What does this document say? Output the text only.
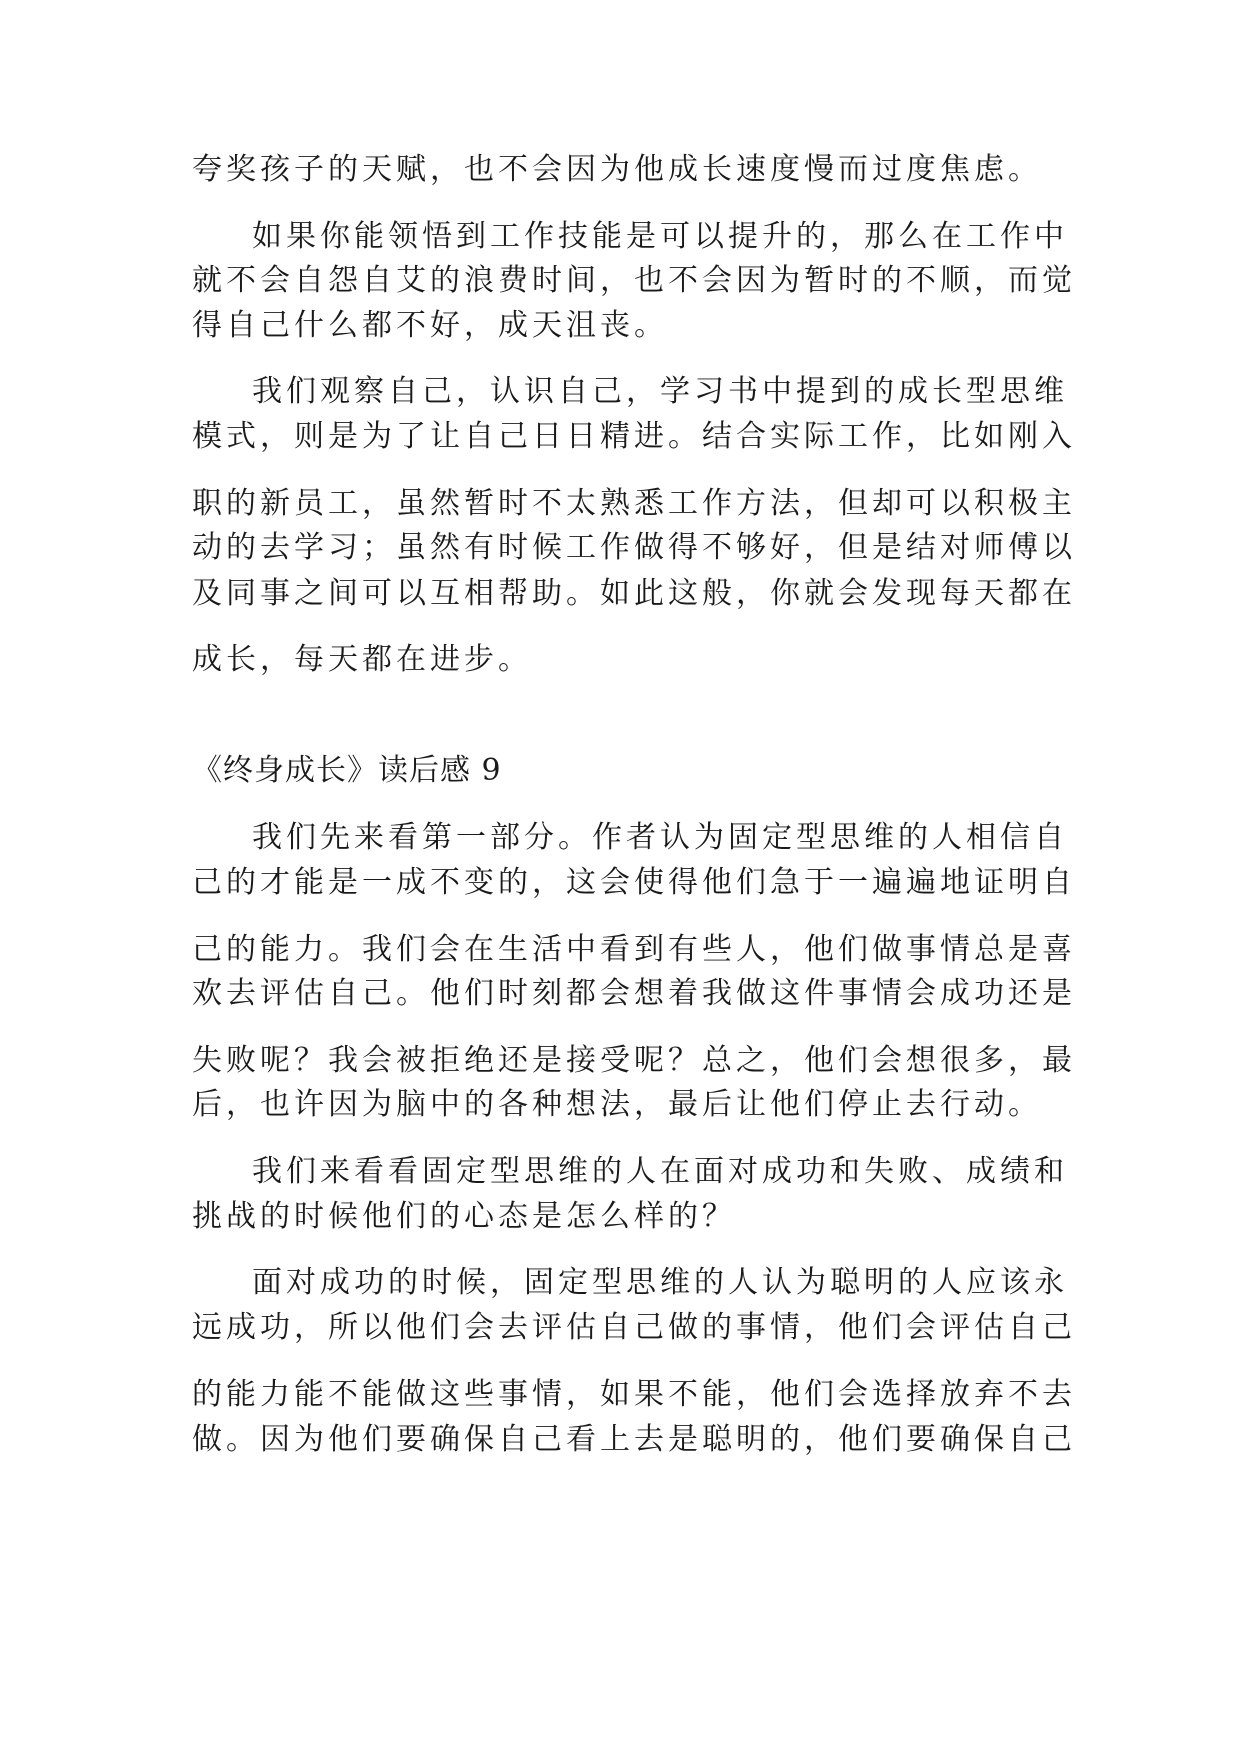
夸奖孩子的天赋，也不会因为他成长速度慢而过度焦虑。
如果你能领悟到工作技能是可以提升的，那么在工作中
就不会自怨自艾的浪费时间，也不会因为暂时的不顺，而觉
得自己什么都不好，成天沮丧。
我们观察自己，认识自己，学习书中提到的成长型思维
模式，则是为了让自己日日精进。结合实际工作，比如刚入
职的新员工，虽然暂时不太熟悉工作方法，但却可以积极主
动的去学习；虽然有时候工作做得不够好，但是结对师傅以
及同事之间可以互相帮助。如此这般，你就会发现每天都在
成长，每天都在进步。
《终身成长》读后感 9
我们先来看第一部分。作者认为固定型思维的人相信自
己的才能是一成不变的，这会使得他们急于一遍遍地证明自
己的能力。我们会在生活中看到有些人，他们做事情总是喜
欢去评估自己。他们时刻都会想着我做这件事情会成功还是
失败呢？我会被拒绝还是接受呢？总之，他们会想很多，最
后，也许因为脑中的各种想法，最后让他们停止去行动。
我们来看看固定型思维的人在面对成功和失败、成绩和
挑战的时候他们的心态是怎么样的？
面对成功的时候，固定型思维的人认为聪明的人应该永
远成功，所以他们会去评估自己做的事情，他们会评估自己
的能力能不能做这些事情，如果不能，他们会选择放弃不去
做。因为他们要确保自己看上去是聪明的，他们要确保自己
